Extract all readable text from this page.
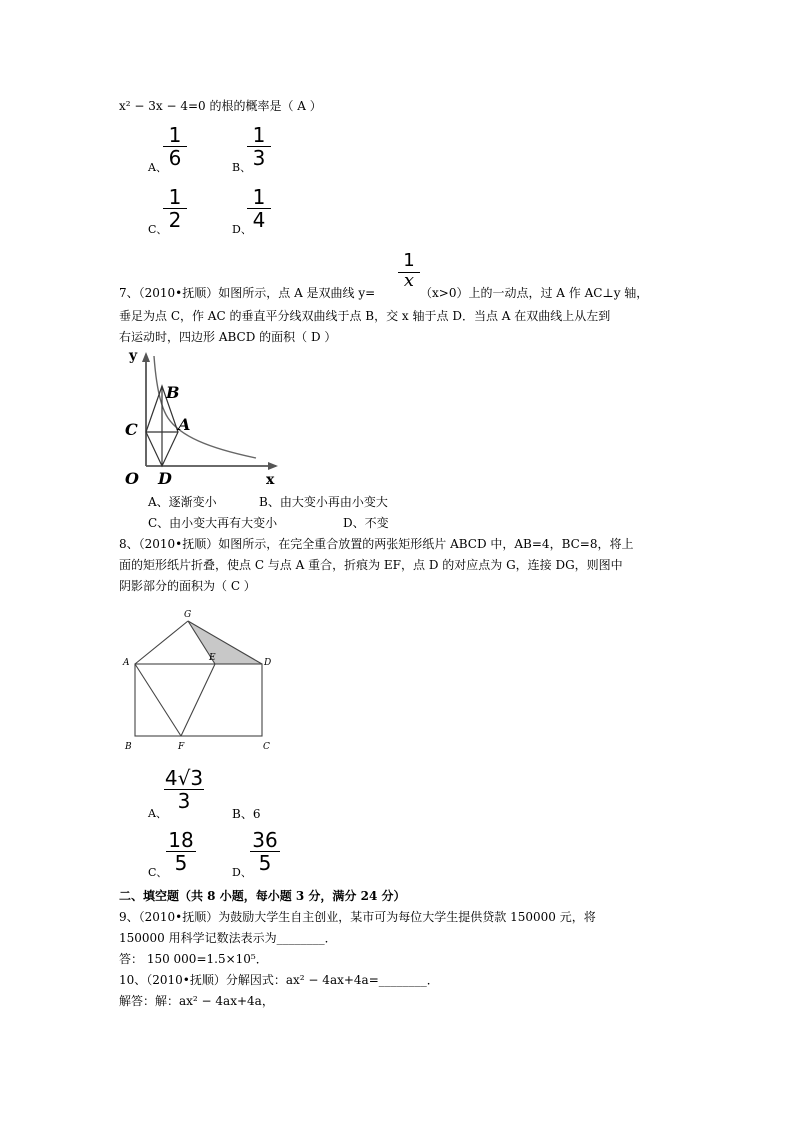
x² − 3x − 4=0 的根的概率是（ A ）
A、
$\frac{1}{6}$	B、
$\frac{1}{3}$
C、
$\frac{1}{2}$	D、
$\frac{1}{4}$
1
x
7、（2010•抚顺）如图所示，点 A 是双曲线 y=	（x>0）上的一动点，过 A 作 AC⊥y 轴，
垂足为点 C，作 AC 的垂直平分线双曲线于点 B，交 x 轴于点 D．当点 A 在双曲线上从左到
右运动时，四边形 ABCD 的面积（ D ）
y
x
B
A
C
O D
A、逐渐变小	B、由大变小再由小变大
C、由小变大再有大变小	D、不变
8、（2010•抚顺）如图所示，在完全重合放置的两张矩形纸片 ABCD 中，AB=4，BC=8，将上
面的矩形纸片折叠，使点 C 与点 A 重合，折痕为 EF，点 D 的对应点为 G，连接 DG，则图中
阴影部分的面积为（ C ）
G
A	E	D
B	F	C
A、
$\frac{4√3}{3}$
B、6
C、
$\frac{18}{5}$	D、
$\frac{36}{5}$
二、填空题（共 8 小题，每小题 3 分，满分 24 分）
9、（2010•抚顺）为鼓励大学生自主创业，某市可为每位大学生提供贷款 150000 元，将
150000 用科学记数法表示为________．
答： 150 000=1.5×10⁵．
10、（2010•抚顺）分解因式：ax² − 4ax+4a=________．
解答：解：ax² − 4ax+4a，
